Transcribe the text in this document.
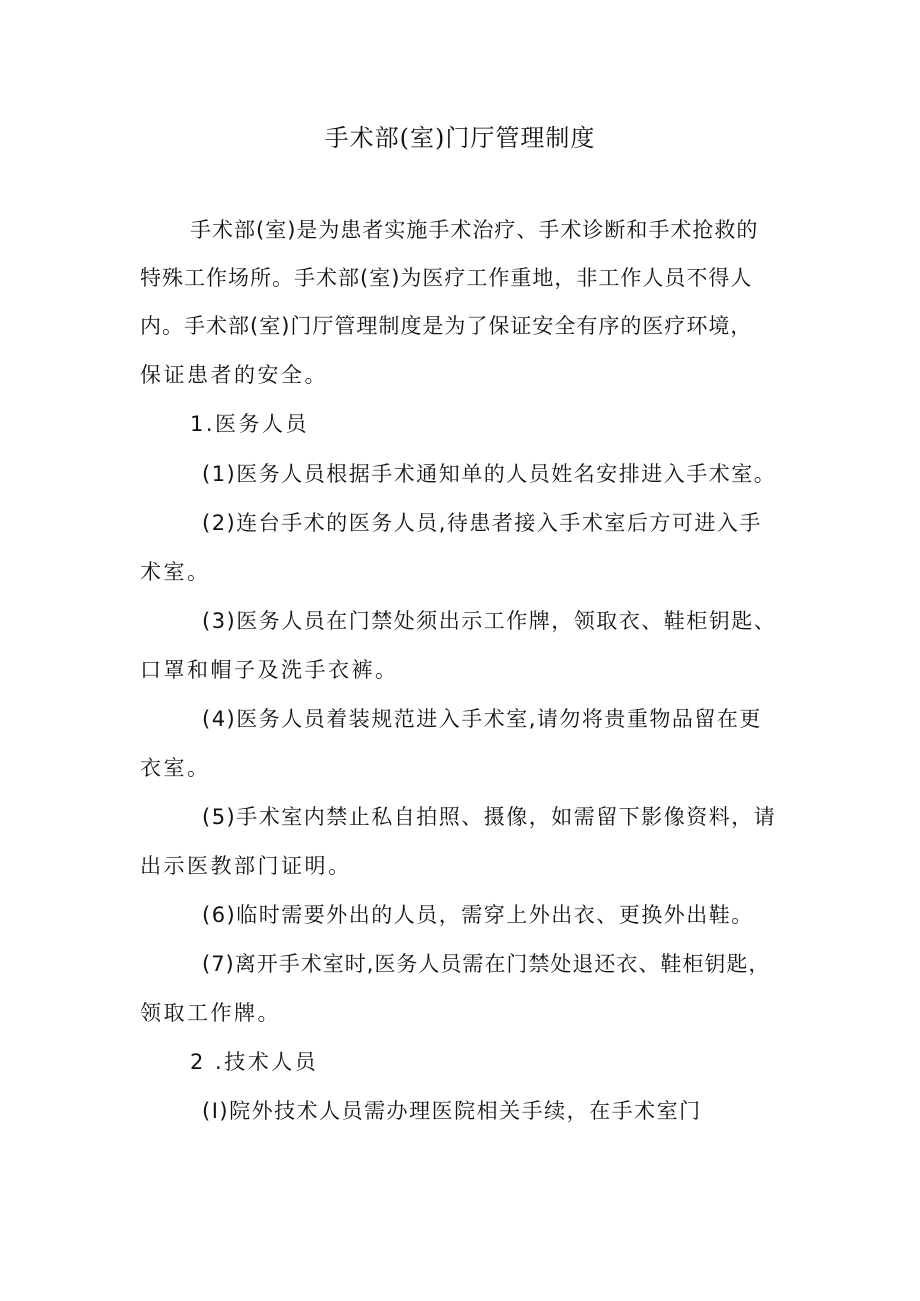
手术部(室)门厅管理制度
手术部(室)是为患者实施手术治疗、手术诊断和手术抢救的
特殊工作场所。手术部(室)为医疗工作重地，非工作人员不得人
内。手术部(室)门厅管理制度是为了保证安全有序的医疗环境，
保证患者的安全。
1.医务人员
(1)医务人员根据手术通知单的人员姓名安排进入手术室。
(2)连台手术的医务人员,待患者接入手术室后方可进入手
术室。
(3)医务人员在门禁处须出示工作牌，领取衣、鞋柜钥匙、
口罩和帽子及洗手衣裤。
(4)医务人员着装规范进入手术室,请勿将贵重物品留在更
衣室。
(5)手术室内禁止私自拍照、摄像，如需留下影像资料，请
出示医教部门证明。
(6)临时需要外出的人员，需穿上外出衣、更换外出鞋。
(7)离开手术室时,医务人员需在门禁处退还衣、鞋柜钥匙，
领取工作牌。
2 .技术人员
(I)院外技术人员需办理医院相关手续，在手术室门
